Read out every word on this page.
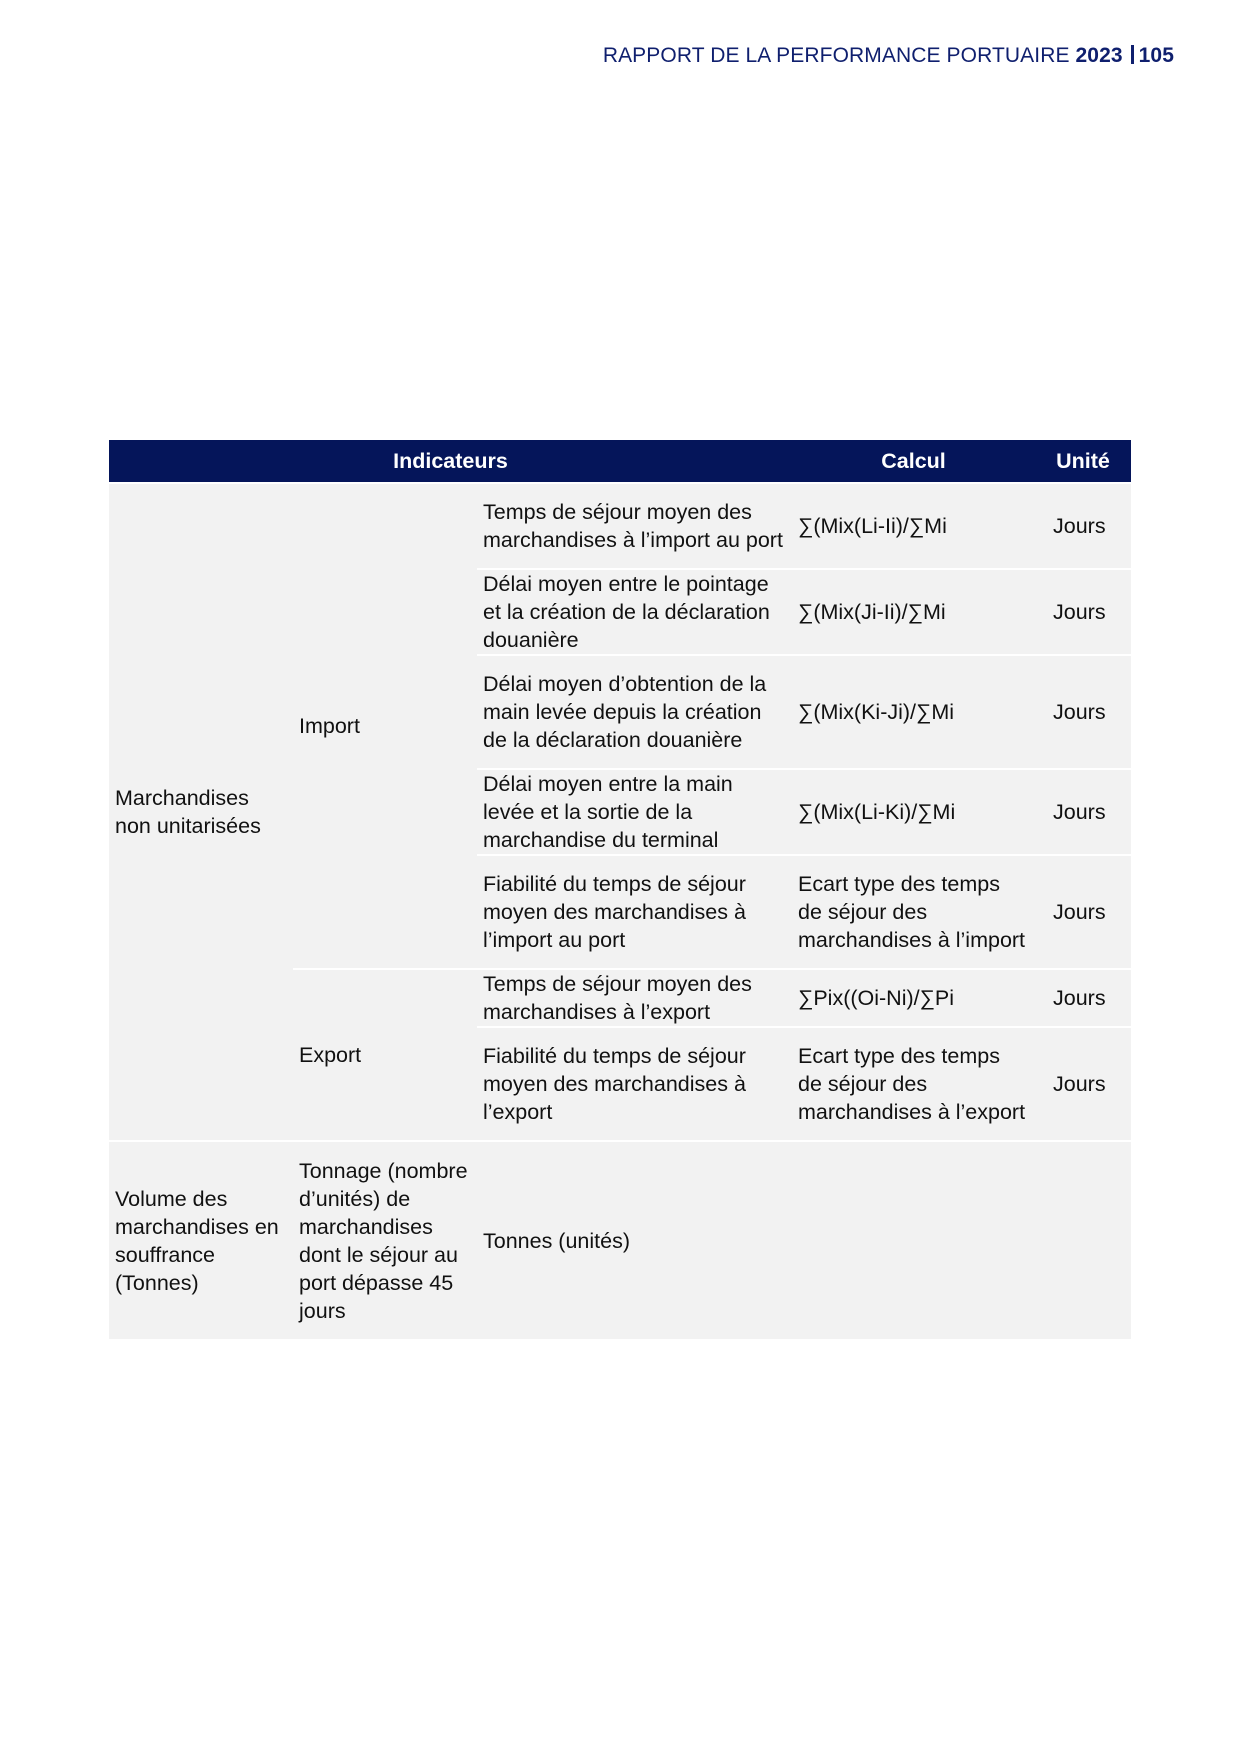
RAPPORT DE LA PERFORMANCE PORTUAIRE 2023 105
Indicateurs			Calcul	Unité
Marchandises non unitarisées	Import	Temps de séjour moyen des marchandises à l’import au port	∑(Mix(Li-Ii)/∑Mi	Jours
		Délai moyen entre le pointage et la création de la déclaration douanière	∑(Mix(Ji-Ii)/∑Mi	Jours
		Délai moyen d’obtention de la main levée depuis la création de la déclaration douanière	∑(Mix(Ki-Ji)/∑Mi	Jours
		Délai moyen entre la main levée et la sortie de la marchandise du terminal	∑(Mix(Li-Ki)/∑Mi	Jours
		Fiabilité du temps de séjour moyen des marchandises à l’import au port	Ecart type des temps de séjour des marchandises à l’import	Jours
	Export	Temps de séjour moyen des marchandises à l’export	∑Pix((Oi-Ni)/∑Pi	Jours
		Fiabilité du temps de séjour moyen des marchandises à l’export	Ecart type des temps de séjour des marchandises à l’export	Jours
Volume des marchandises en souffrance (Tonnes)	Tonnage (nombre d’unités) de marchandises dont le séjour au port dépasse 45 jours	Tonnes (unités)		
